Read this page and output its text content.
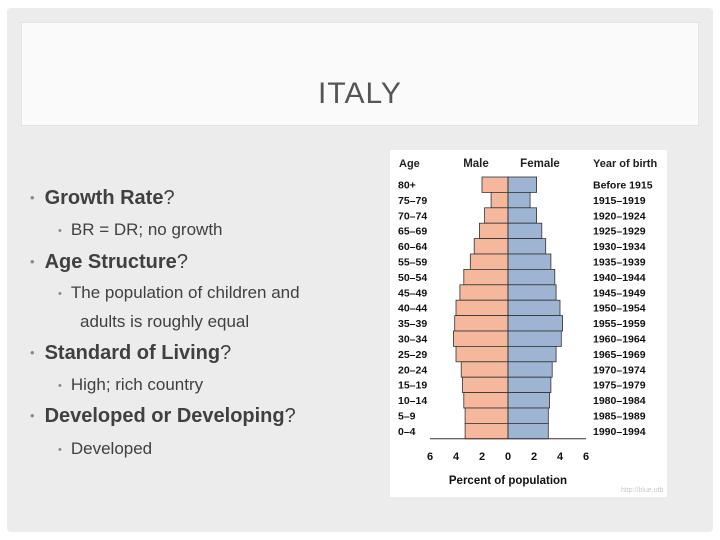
ITALY
• Growth Rate?
• BR = DR; no growth
• Age Structure?
• The population of children and
adults is roughly equal
• Standard of Living?
• High; rich country
• Developed or Developing?
• Developed
Age	Male	Female	Year of birth
80+	Before 1915
75–79	1915–1919
70–74	1920–1924
65–69	1925–1929
60–64	1930–1934
55–59	1935–1939
50–54	1940–1944
45–49	1945–1949
40–44	1950–1954
35–39	1955–1959
30–34	1960–1964
25–29	1965–1969
20–24	1970–1974
15–19	1975–1979
10–14	1980–1984
5–9	1985–1989
0–4	1990–1994
6 4 2 0 2 4 6
Percent of population
http://blue.utb
